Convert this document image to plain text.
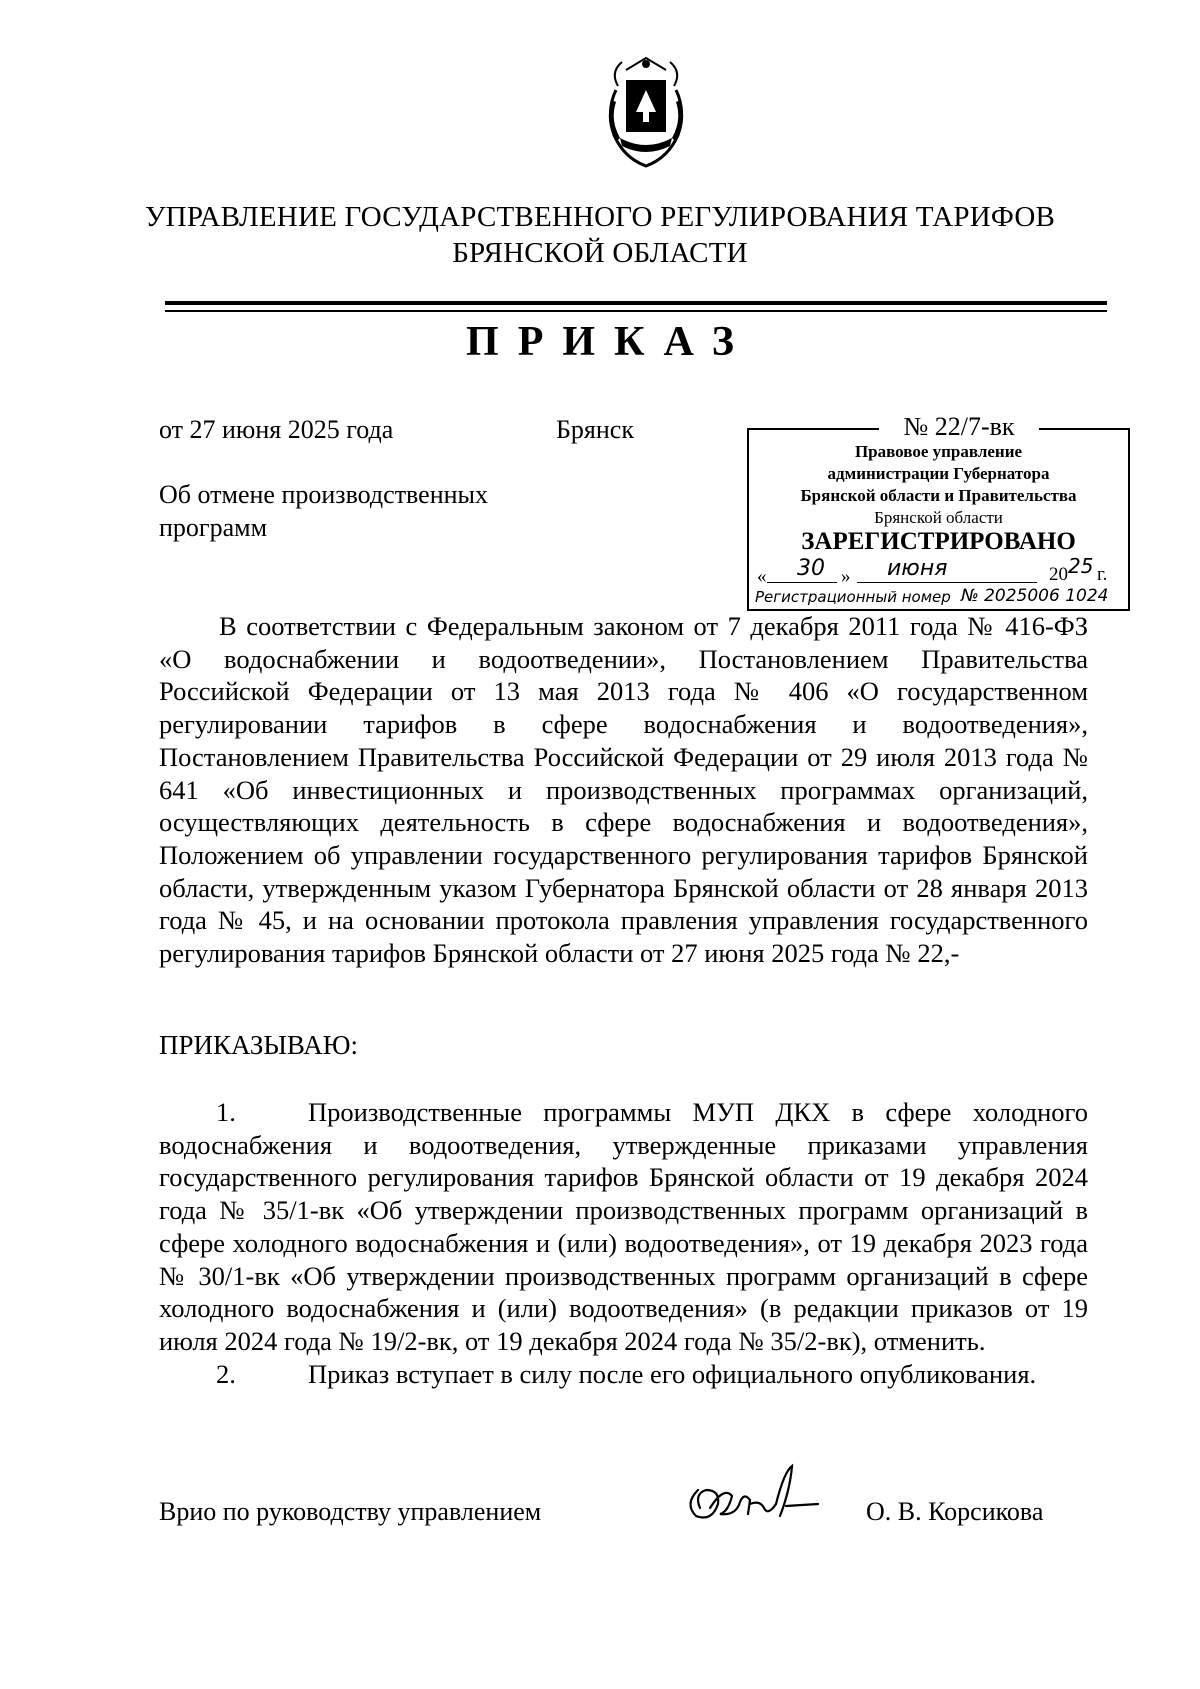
УПРАВЛЕНИЕ ГОСУДАРСТВЕННОГО РЕГУЛИРОВАНИЯ ТАРИФОВ
БРЯНСКОЙ ОБЛАСТИ
ПРИКАЗ
от 27 июня 2025 года	Брянск	№ 22/7-вк
Правовое управление
администрации Губернатора
Брянской области и Правительства
Брянской области
ЗАРЕГИСТРИРОВАНО
« 30 » июня	20 25 г.
Регистрационный номер № 2025006 1024
Об отмене производственных
программ

В соответствии с Федеральным законом от 7 декабря 2011 года № 416-ФЗ «О водоснабжении и водоотведении», Постановлением Правительства Российской Федерации от 13 мая 2013 года № 406 «О государственном регулировании тарифов в сфере водоснабжения и водоотведения», Постановлением Правительства Российской Федерации от 29 июля 2013 года № 641 «Об инвестиционных и производственных программах организаций, осуществляющих деятельность в сфере водоснабжения и водоотведения», Положением об управлении государственного регулирования тарифов Брянской области, утвержденным указом Губернатора Брянской области от 28 января 2013 года № 45, и на основании протокола правления управления государственного регулирования тарифов Брянской области от 27 июня 2025 года № 22,-

ПРИКАЗЫВАЮ:

1.	Производственные программы МУП ДКХ в сфере холодного водоснабжения и водоотведения, утвержденные приказами управления государственного регулирования тарифов Брянской области от 19 декабря 2024 года № 35/1-вк «Об утверждении производственных программ организаций в сфере холодного водоснабжения и (или) водоотведения», от 19 декабря 2023 года № 30/1-вк «Об утверждении производственных программ организаций в сфере холодного водоснабжения и (или) водоотведения» (в редакции приказов от 19 июля 2024 года № 19/2-вк, от 19 декабря 2024 года № 35/2-вк), отменить.

2.	Приказ вступает в силу после его официального опубликования.

Врио по руководству управлением	О. В. Корсикова
